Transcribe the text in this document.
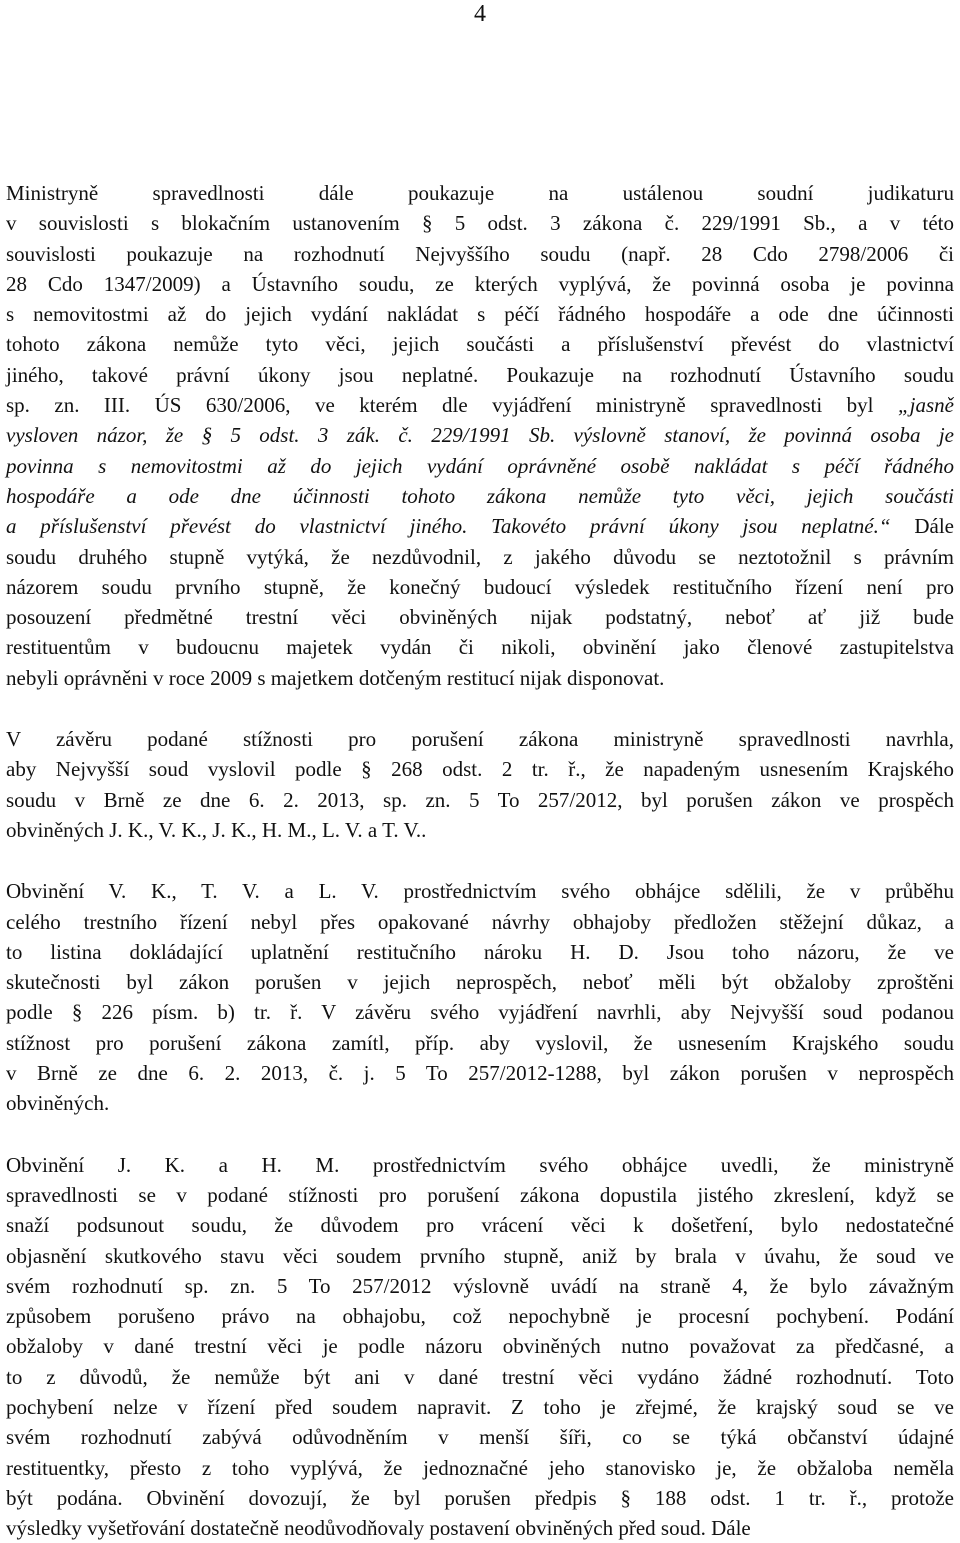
4
Ministryně spravedlnosti dále poukazuje na ustálenou soudní judikaturu
v souvislosti s blokačním ustanovením § 5 odst. 3 zákona č. 229/1991 Sb., a v této
souvislosti poukazuje na rozhodnutí Nejvyššího soudu (např. 28 Cdo 2798/2006 či
28 Cdo 1347/2009) a Ústavního soudu, ze kterých vyplývá, že povinná osoba je povinna
s nemovitostmi až do jejich vydání nakládat s péčí řádného hospodáře a ode dne účinnosti
tohoto zákona nemůže tyto věci, jejich součásti a příslušenství převést do vlastnictví
jiného, takové právní úkony jsou neplatné. Poukazuje na rozhodnutí Ústavního soudu
sp. zn. III. ÚS 630/2006, ve kterém dle vyjádření ministryně spravedlnosti byl „jasně
vysloven názor, že § 5 odst. 3 zák. č. 229/1991 Sb. výslovně stanoví, že povinná osoba je
povinna s nemovitostmi až do jejich vydání oprávněné osobě nakládat s péčí řádného
hospodáře a ode dne účinnosti tohoto zákona nemůže tyto věci, jejich součásti
a příslušenství převést do vlastnictví jiného. Takovéto právní úkony jsou neplatné.“ Dále
soudu druhého stupně vytýká, že nezdůvodnil, z jakého důvodu se neztotožnil s právním
názorem soudu prvního stupně, že konečný budoucí výsledek restitučního řízení není pro
posouzení předmětné trestní věci obviněných nijak podstatný, neboť ať již bude
restituentům v budoucnu majetek vydán či nikoli, obvinění jako členové zastupitelstva
nebyli oprávněni v roce 2009 s majetkem dotčeným restitucí nijak disponovat.
V závěru podané stížnosti pro porušení zákona ministryně spravedlnosti navrhla,
aby Nejvyšší soud vyslovil podle § 268 odst. 2 tr. ř., že napadeným usnesením Krajského
soudu v Brně ze dne 6. 2. 2013, sp. zn. 5 To 257/2012, byl porušen zákon ve prospěch
obviněných J. K., V. K., J. K., H. M., L. V. a T. V..
Obvinění V. K., T. V. a L. V. prostřednictvím svého obhájce sdělili, že v průběhu
celého trestního řízení nebyl přes opakované návrhy obhajoby předložen stěžejní důkaz, a
to listina dokládající uplatnění restitučního nároku H. D. Jsou toho názoru, že ve
skutečnosti byl zákon porušen v jejich neprospěch, neboť měli být obžaloby zproštěni
podle § 226 písm. b) tr. ř. V závěru svého vyjádření navrhli, aby Nejvyšší soud podanou
stížnost pro porušení zákona zamítl, příp. aby vyslovil, že usnesením Krajského soudu
v Brně ze dne 6. 2. 2013, č. j. 5 To 257/2012-1288, byl zákon porušen v neprospěch
obviněných.
Obvinění J. K. a H. M. prostřednictvím svého obhájce uvedli, že ministryně
spravedlnosti se v podané stížnosti pro porušení zákona dopustila jistého zkreslení, když se
snaží podsunout soudu, že důvodem pro vrácení věci k došetření, bylo nedostatečné
objasnění skutkového stavu věci soudem prvního stupně, aniž by brala v úvahu, že soud ve
svém rozhodnutí sp. zn. 5 To 257/2012 výslovně uvádí na straně 4, že bylo závažným
způsobem porušeno právo na obhajobu, což nepochybně je procesní pochybení. Podání
obžaloby v dané trestní věci je podle názoru obviněných nutno považovat za předčasné, a
to z důvodů, že nemůže být ani v dané trestní věci vydáno žádné rozhodnutí. Toto
pochybení nelze v řízení před soudem napravit. Z toho je zřejmé, že krajský soud se ve
svém rozhodnutí zabývá odůvodněním v menší šíři, co se týká občanství údajné
restituentky, přesto z toho vyplývá, že jednoznačné jeho stanovisko je, že obžaloba neměla
být podána. Obvinění dovozují, že byl porušen předpis § 188 odst. 1 tr. ř., protože
výsledky vyšetřování dostatečně neodůvodňovaly postavení obviněných před soud. Dále
